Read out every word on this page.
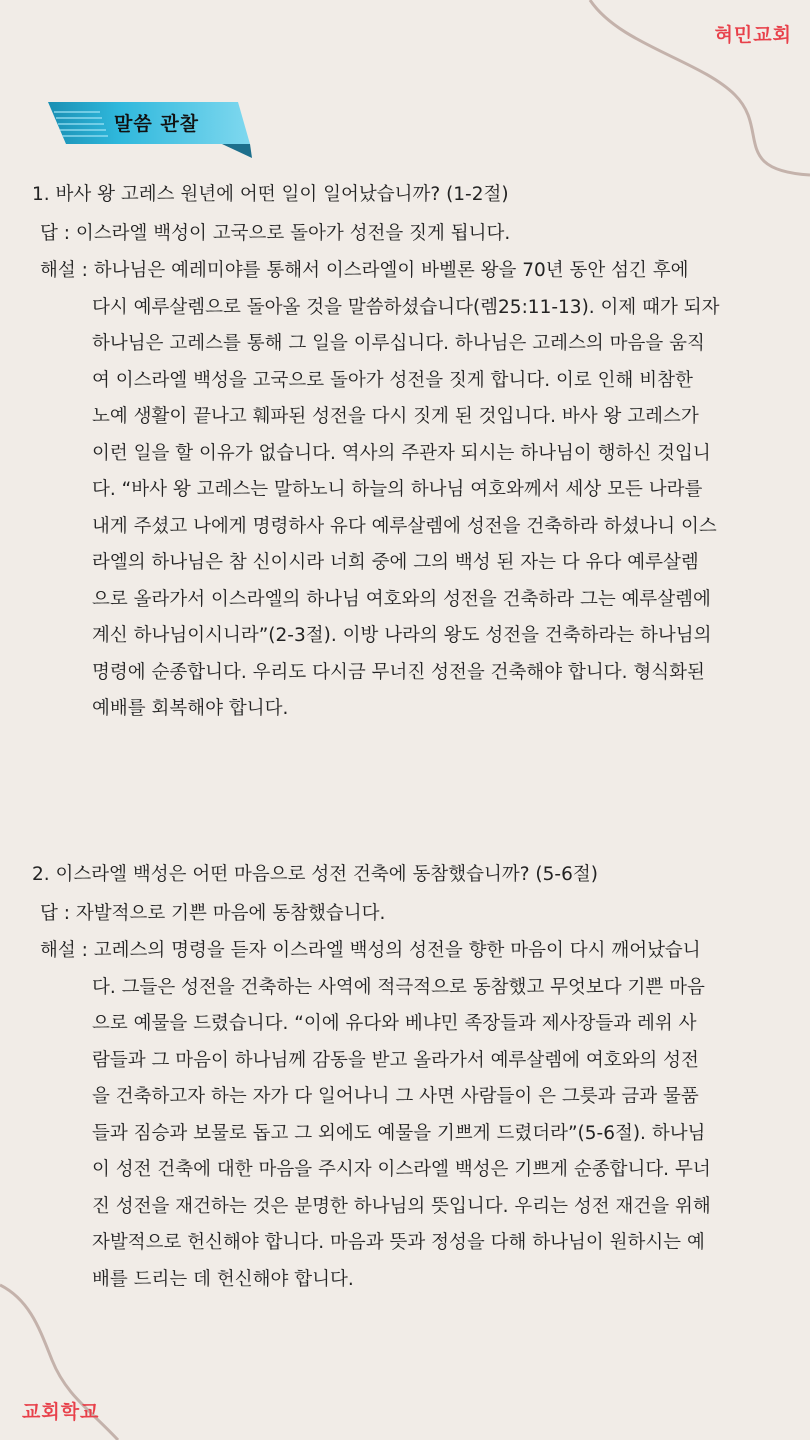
혀민교회
교회학교
말씀 관찰
1. 바사 왕 고레스 원년에 어떤 일이 일어났습니까? (1-2절)
답 : 이스라엘 백성이 고국으로 돌아가 성전을 짓게 됩니다.
해설 : 하나님은 예레미야를 통해서 이스라엘이 바벨론 왕을 70년 동안 섬긴 후에
다시 예루살렘으로 돌아올 것을 말씀하셨습니다(렘25:11-13). 이제 때가 되자
하나님은 고레스를 통해 그 일을 이루십니다. 하나님은 고레스의 마음을 움직
여 이스라엘 백성을 고국으로 돌아가 성전을 짓게 합니다. 이로 인해 비참한
노예 생활이 끝나고 훼파된 성전을 다시 짓게 된 것입니다. 바사 왕 고레스가
이런 일을 할 이유가 없습니다. 역사의 주관자 되시는 하나님이 행하신 것입니
다. “바사 왕 고레스는 말하노니 하늘의 하나님 여호와께서 세상 모든 나라를
내게 주셨고 나에게 명령하사 유다 예루살렘에 성전을 건축하라 하셨나니 이스
라엘의 하나님은 참 신이시라 너희 중에 그의 백성 된 자는 다 유다 예루살렘
으로 올라가서 이스라엘의 하나님 여호와의 성전을 건축하라 그는 예루살렘에
계신 하나님이시니라”(2-3절). 이방 나라의 왕도 성전을 건축하라는 하나님의
명령에 순종합니다. 우리도 다시금 무너진 성전을 건축해야 합니다. 형식화된
예배를 회복해야 합니다.
2. 이스라엘 백성은 어떤 마음으로 성전 건축에 동참했습니까? (5-6절)
답 : 자발적으로 기쁜 마음에 동참했습니다.
해설 : 고레스의 명령을 듣자 이스라엘 백성의 성전을 향한 마음이 다시 깨어났습니
다. 그들은 성전을 건축하는 사역에 적극적으로 동참했고 무엇보다 기쁜 마음
으로 예물을 드렸습니다. “이에 유다와 베냐민 족장들과 제사장들과 레위 사
람들과 그 마음이 하나님께 감동을 받고 올라가서 예루살렘에 여호와의 성전
을 건축하고자 하는 자가 다 일어나니 그 사면 사람들이 은 그릇과 금과 물품
들과 짐승과 보물로 돕고 그 외에도 예물을 기쁘게 드렸더라”(5-6절). 하나님
이 성전 건축에 대한 마음을 주시자 이스라엘 백성은 기쁘게 순종합니다. 무너
진 성전을 재건하는 것은 분명한 하나님의 뜻입니다. 우리는 성전 재건을 위해
자발적으로 헌신해야 합니다. 마음과 뜻과 정성을 다해 하나님이 원하시는 예
배를 드리는 데 헌신해야 합니다.
